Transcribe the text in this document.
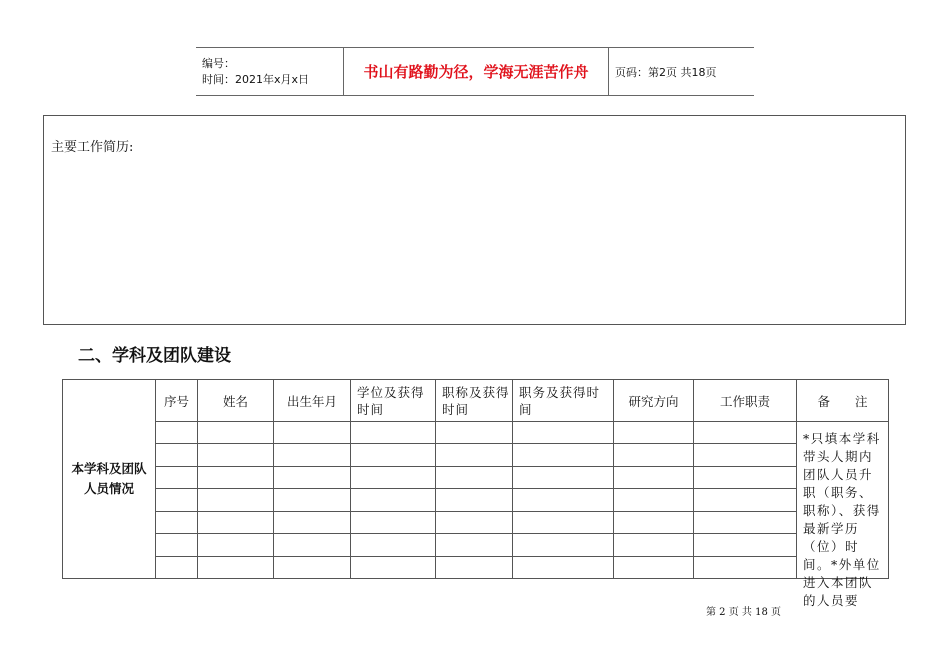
编号：
时间：2021年x月x日	书山有路勤为径，学海无涯苦作舟	页码：第2页 共18页
主要工作简历:
二、学科及团队建设
本学科及团队
人员情况	序号	姓名	出生年月	学位及获得时间	职称及获得时间	职务及获得时间	研究方向	工作职责	备　　注

									*只填本学科带头人期内团队人员升职（职务、职称）、获得最新学历（位）时间。*外单位进入本团队的人员要

第 2 页 共 18 页
